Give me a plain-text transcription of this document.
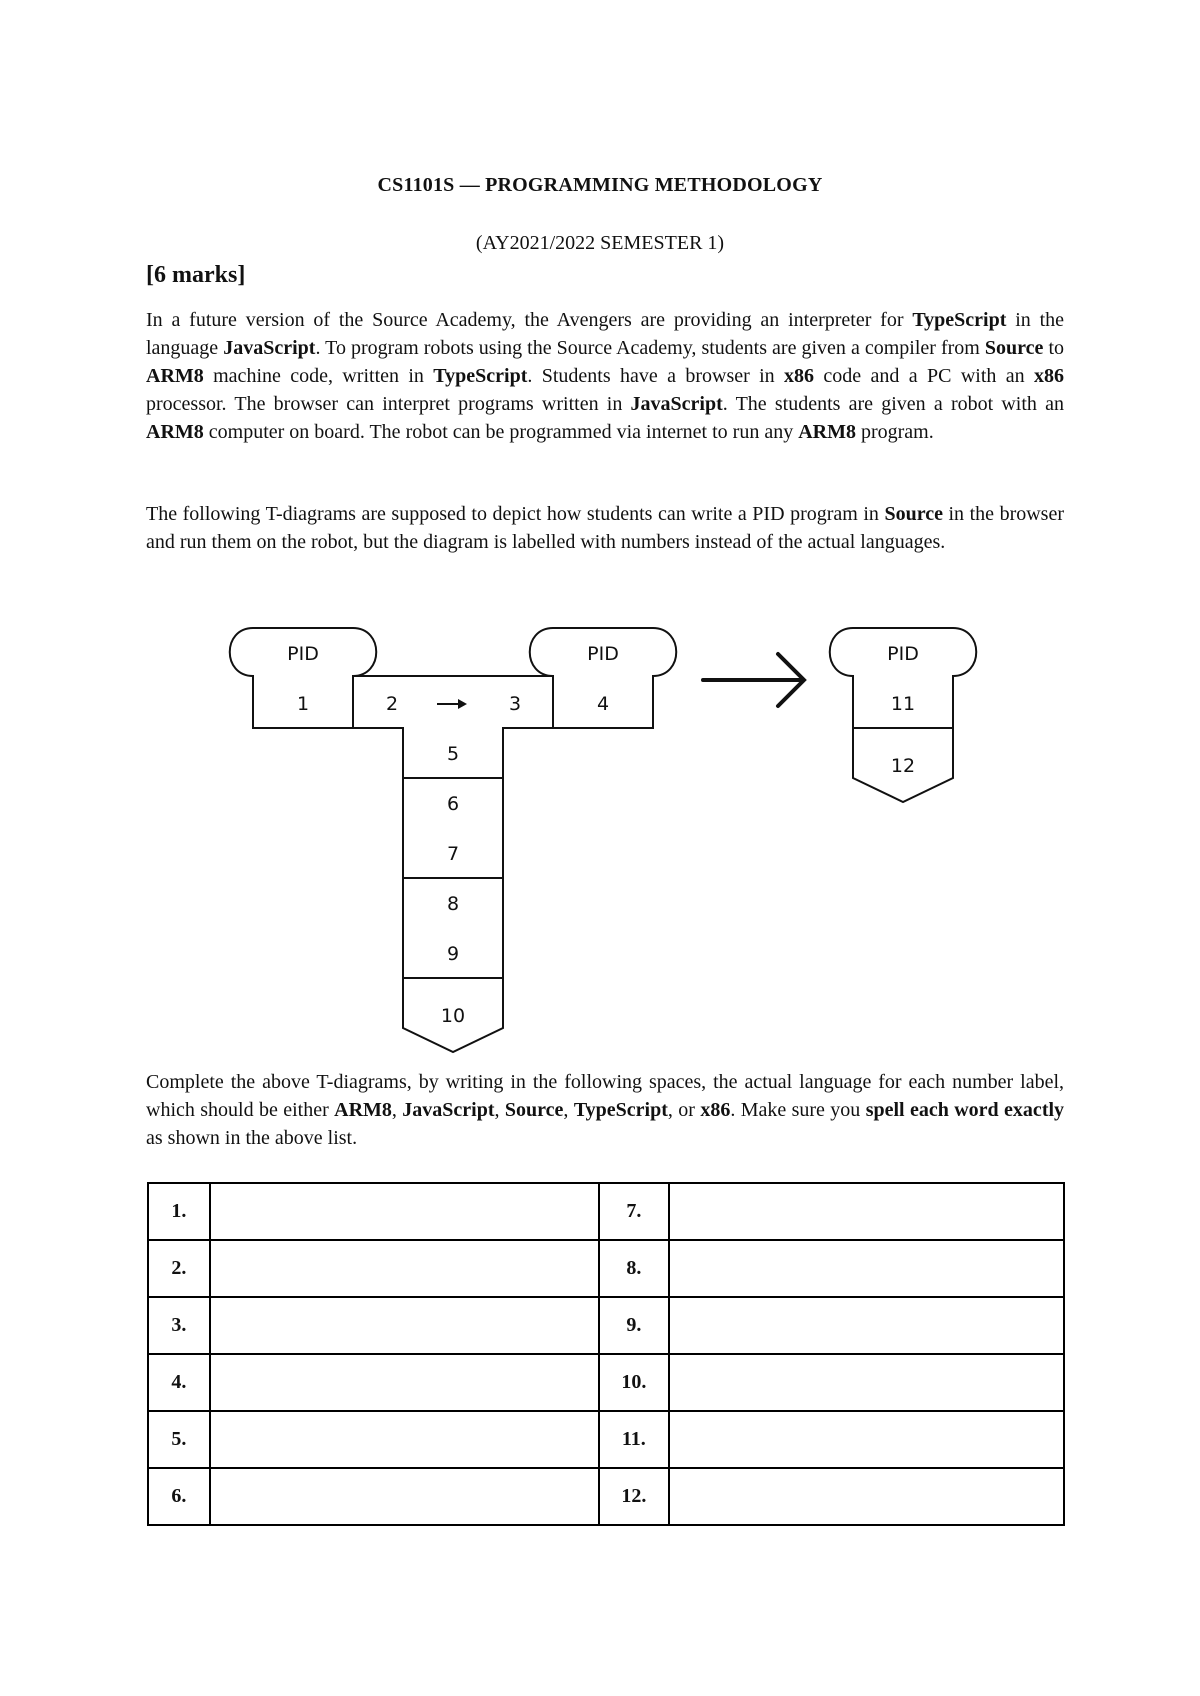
CS1101S — PROGRAMMING METHODOLOGY
(AY2021/2022 SEMESTER 1)
[6 marks]
In a future version of the Source Academy, the Avengers are providing an interpreter for TypeScript in the language JavaScript. To program robots using the Source Academy, students are given a compiler from Source to ARM8 machine code, written in TypeScript. Students have a browser in x86 code and a PC with an x86 processor. The browser can interpret programs written in JavaScript. The students are given a robot with an ARM8 computer on board. The robot can be programmed via internet to run any ARM8 program.
The following T-diagrams are supposed to depict how students can write a PID program in Source in the browser and run them on the robot, but the diagram is labelled with numbers instead of the actual languages.
PID	PID	PID
1	2	3	4
5
6
7
8
9
10
11
12
Complete the above T-diagrams, by writing in the following spaces, the actual language for each number label, which should be either ARM8, JavaScript, Source, TypeScript, or x86. Make sure you spell each word exactly as shown in the above list.
1.		7.	
2.		8.	
3.		9.	
4.		10.	
5.		11.	
6.		12.	
